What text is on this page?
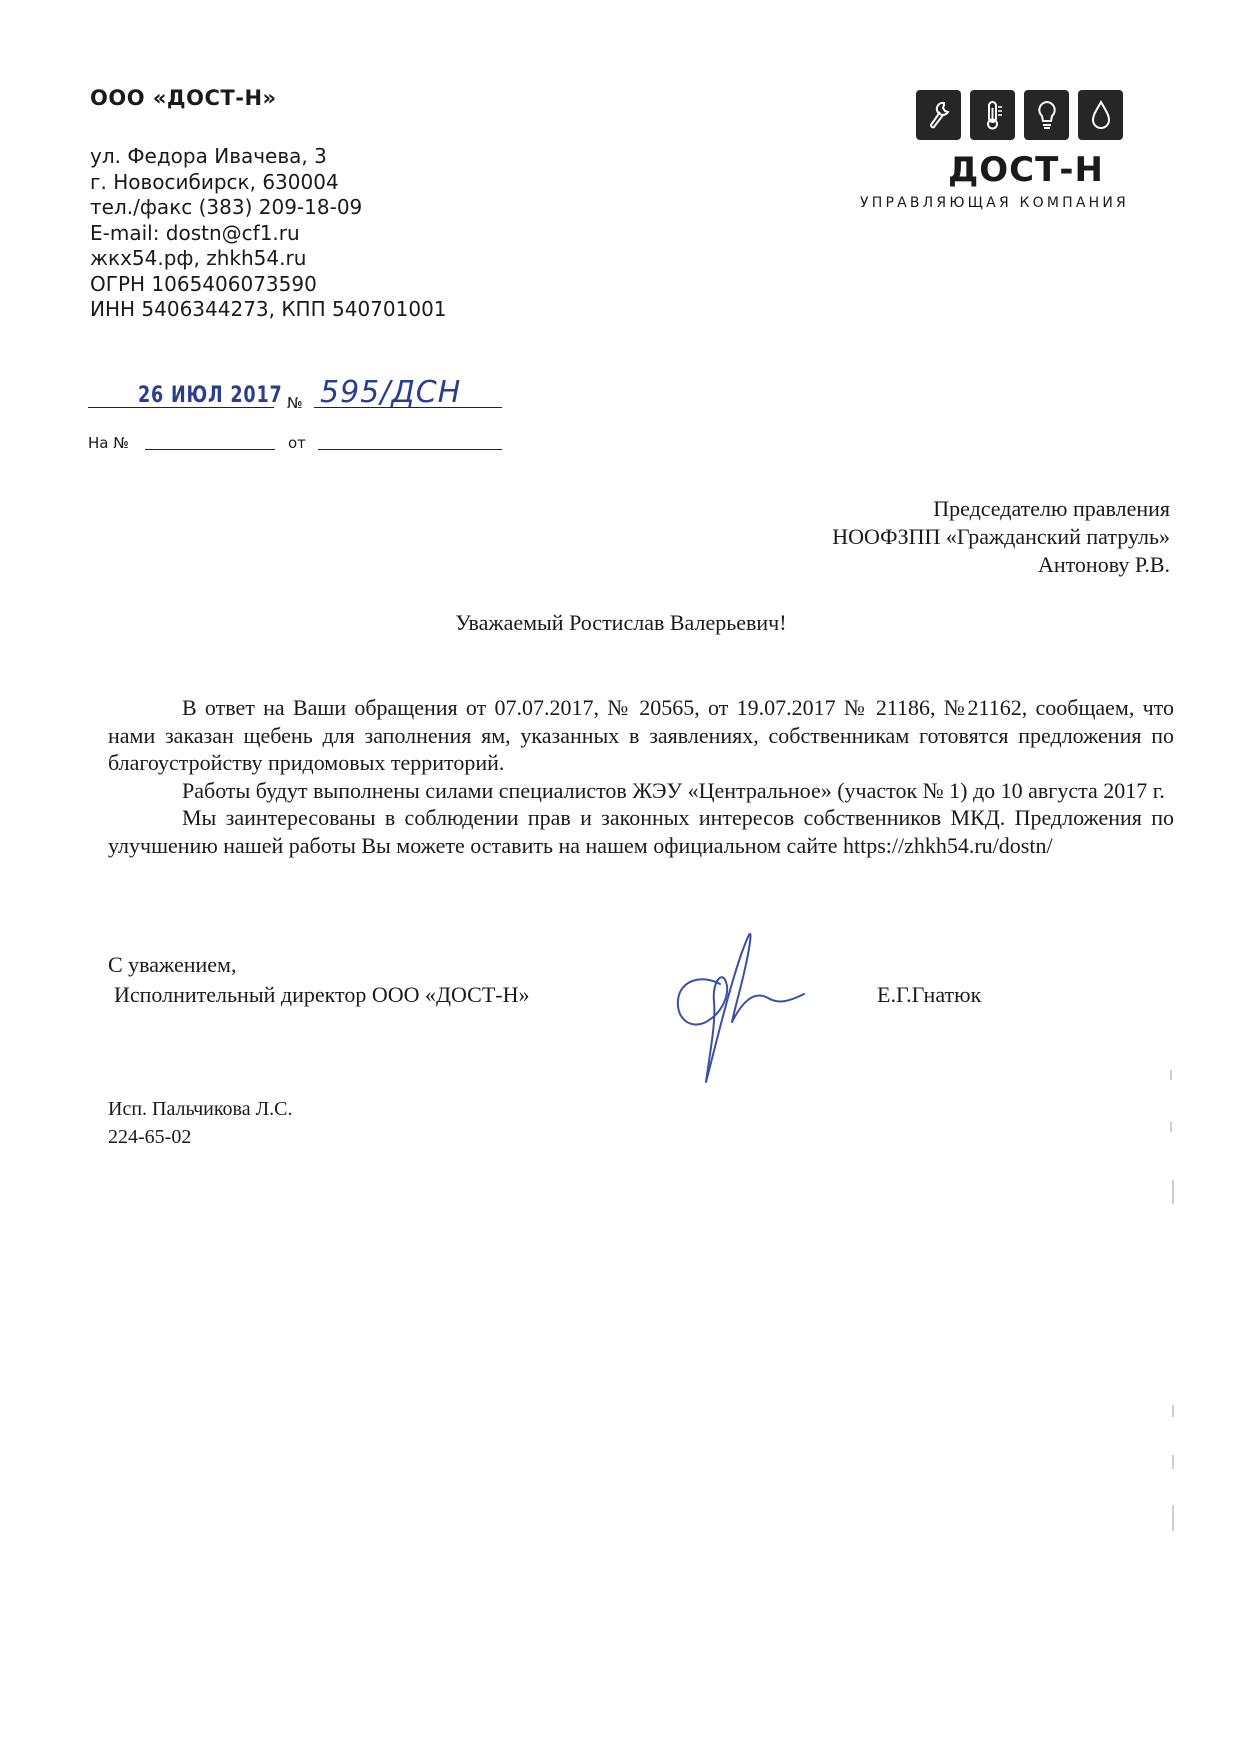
ООО «ДОСТ-Н»
ул. Федора Ивачева, 3
г. Новосибирск, 630004
тел./факс (383) 209-18-09
E-mail: dostn@cf1.ru
жкх54.рф, zhkh54.ru
ОГРН 1065406073590
ИНН 5406344273, КПП 540701001
ДОСТ-Н
УПРАВЛЯЮЩАЯ КОМПАНИЯ
26 ИЮЛ 2017 № 595/ДСН
На №	от
Председателю правления
НООФЗПП «Гражданский патруль»
Антонову Р.В.
Уважаемый Ростислав Валерьевич!

В ответ на Ваши обращения от 07.07.2017, № 20565, от 19.07.2017 № 21186, №21162, сообщаем, что нами заказан щебень для заполнения ям, указанных в заявлениях, собственникам готовятся предложения по благоустройству придомовых территорий.

Работы будут выполнены силами специалистов ЖЭУ «Центральное» (участок № 1) до 10 августа 2017 г.

Мы заинтересованы в соблюдении прав и законных интересов собственников МКД. Предложения по улучшению нашей работы Вы можете оставить на нашем официальном сайте https://zhkh54.ru/dostn/

С уважением,
Исполнительный директор ООО «ДОСТ-Н»	Е.Г.Гнатюк
Исп. Пальчикова Л.С.
224-65-02
